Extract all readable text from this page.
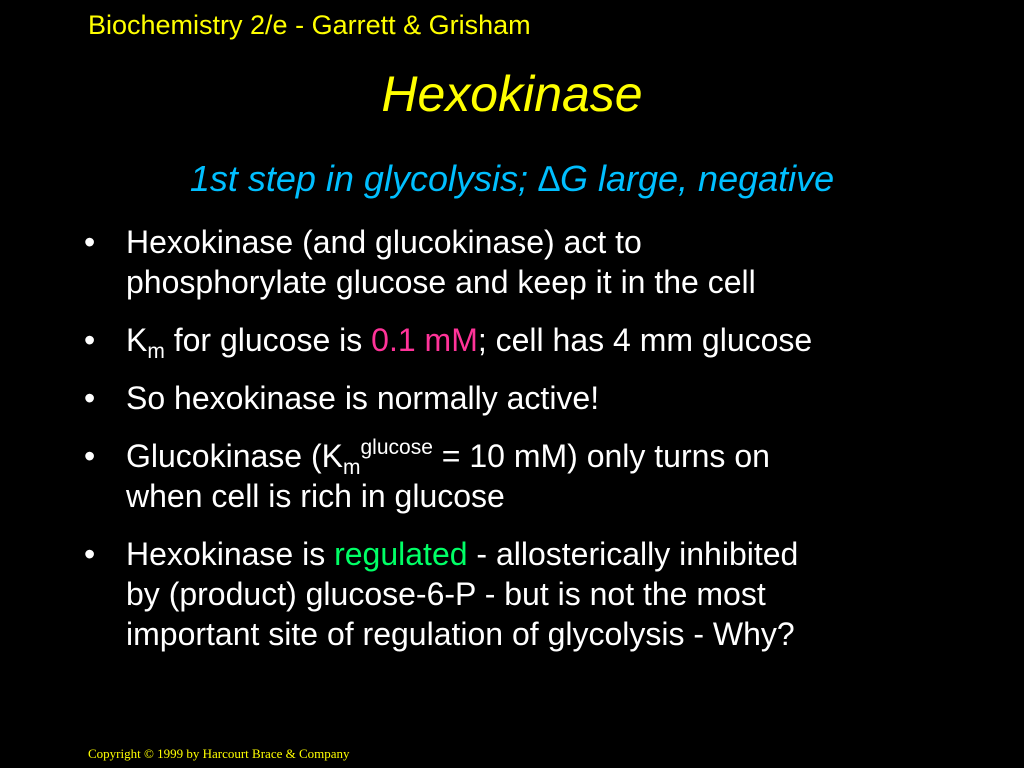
Biochemistry 2/e - Garrett & Grisham
Hexokinase
1st step in glycolysis; ∆G large, negative
• Hexokinase (and glucokinase) act to
phosphorylate glucose and keep it in the cell
• $K_m$ for glucose is 0.1 mM; cell has 4 mm glucose
• So hexokinase is normally active!
• Glucokinase ($K_m^{glucose} = 10$ mM) only turns on
when cell is rich in glucose
• Hexokinase is regulated - allosterically inhibited
by (product) glucose-6-P - but is not the most
important site of regulation of glycolysis - Why?
Copyright © 1999 by Harcourt Brace & Company
